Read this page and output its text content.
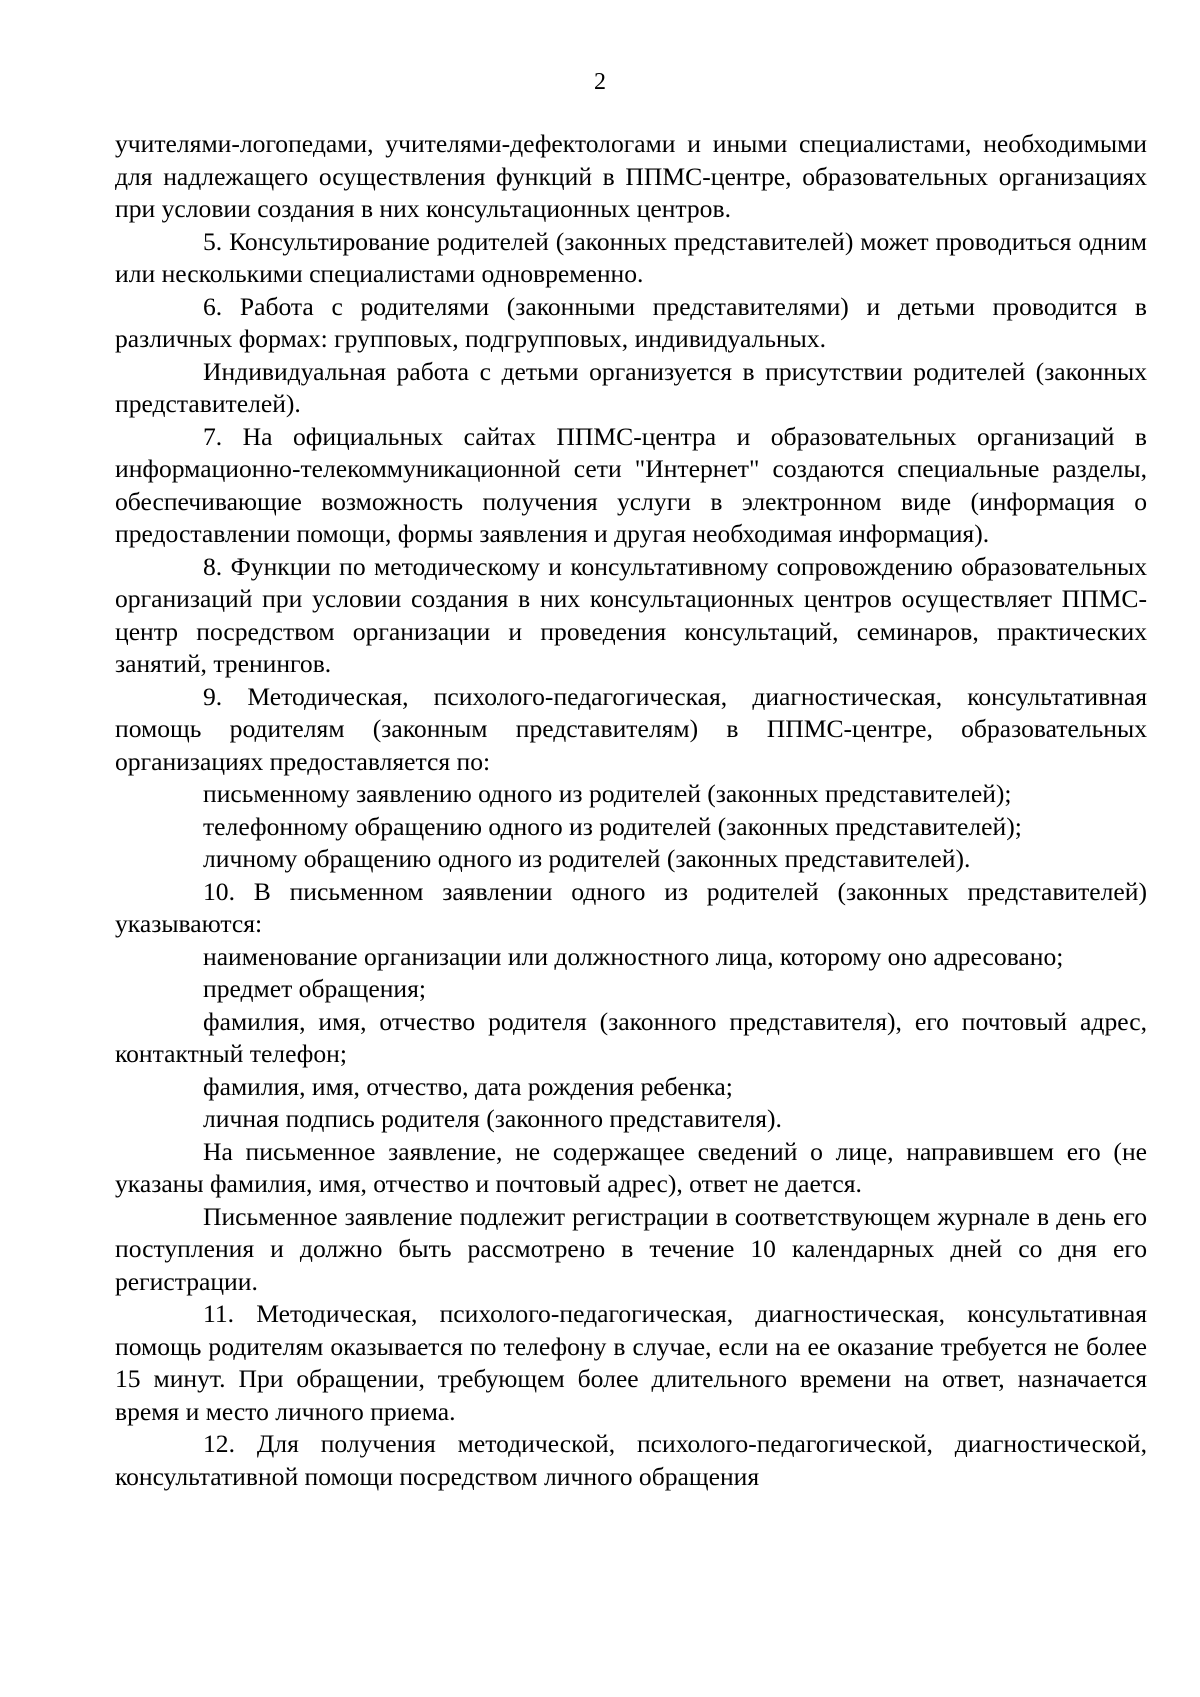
2

учителями-логопедами, учителями-дефектологами и иными специалистами, необходимыми для надлежащего осуществления функций в ППМС-центре, образовательных организациях при условии создания в них консультационных центров.

5. Консультирование родителей (законных представителей) может проводиться одним или несколькими специалистами одновременно.

6. Работа с родителями (законными представителями) и детьми проводится в различных формах: групповых, подгрупповых, индивидуальных.

Индивидуальная работа с детьми организуется в присутствии родителей (законных представителей).

7. На официальных сайтах ППМС-центра и образовательных организаций в информационно-телекоммуникационной сети "Интернет" создаются специальные разделы, обеспечивающие возможность получения услуги в электронном виде (информация о предоставлении помощи, формы заявления и другая необходимая информация).

8. Функции по методическому и консультативному сопровождению образовательных организаций при условии создания в них консультационных центров осуществляет ППМС-центр посредством организации и проведения консультаций, семинаров, практических занятий, тренингов.

9. Методическая, психолого-педагогическая, диагностическая, консультативная помощь родителям (законным представителям) в ППМС-центре, образовательных организациях предоставляется по:

письменному заявлению одного из родителей (законных представителей);

телефонному обращению одного из родителей (законных представителей);

личному обращению одного из родителей (законных представителей).

10. В письменном заявлении одного из родителей (законных представителей) указываются:

наименование организации или должностного лица, которому оно адресовано;

предмет обращения;

фамилия, имя, отчество родителя (законного представителя), его почтовый адрес, контактный телефон;

фамилия, имя, отчество, дата рождения ребенка;

личная подпись родителя (законного представителя).

На письменное заявление, не содержащее сведений о лице, направившем его (не указаны фамилия, имя, отчество и почтовый адрес), ответ не дается.

Письменное заявление подлежит регистрации в соответствующем журнале в день его поступления и должно быть рассмотрено в течение 10 календарных дней со дня его регистрации.

11. Методическая, психолого-педагогическая, диагностическая, консультативная помощь родителям оказывается по телефону в случае, если на ее оказание требуется не более 15 минут. При обращении, требующем более длительного времени на ответ, назначается время и место личного приема.

12. Для получения методической, психолого-педагогической, диагностической, консультативной помощи посредством личного обращения
